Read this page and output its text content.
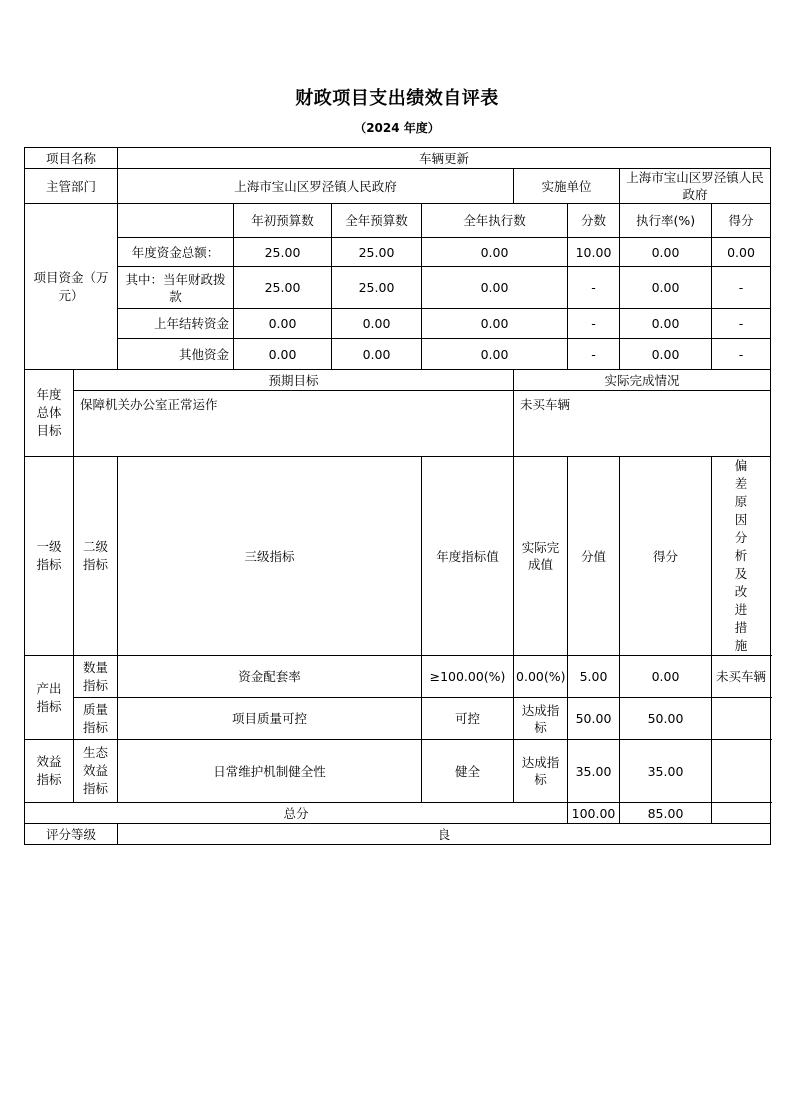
财政项目支出绩效自评表
（2024 年度）
项目名称		车辆更新							
主管部门		上海市宝山区罗泾镇人民政府				实施单位		上海市宝山区罗泾镇人民政府	
项目资金（万元）			年初预算数	全年预算数	全年执行数		分数	执行率(%)	得分
		年度资金总额：	25.00	25.00	0.00		10.00	0.00	0.00
		其中：当年财政拨款	25.00	25.00	0.00		-	0.00	-
		上年结转资金	0.00	0.00	0.00		-	0.00	-
		其他资金	0.00	0.00	0.00		-	0.00	-
年度总体目标	预期目标					实际完成情况			
	保障机关办公室正常运作					未买车辆			
一级指标	二级指标	三级指标			年度指标值	实际完成值	分值	得分	偏差原因分析及改进措施
产出指标	数量指标	资金配套率			≥100.00(%)	0.00(%)	5.00	0.00	未买车辆
	质量指标	项目质量可控			可控	达成指标	50.00	50.00	
效益指标	生态效益指标	日常维护机制健全性			健全	达成指标	35.00	35.00	
总分							100.00	85.00	
评分等级		良							
